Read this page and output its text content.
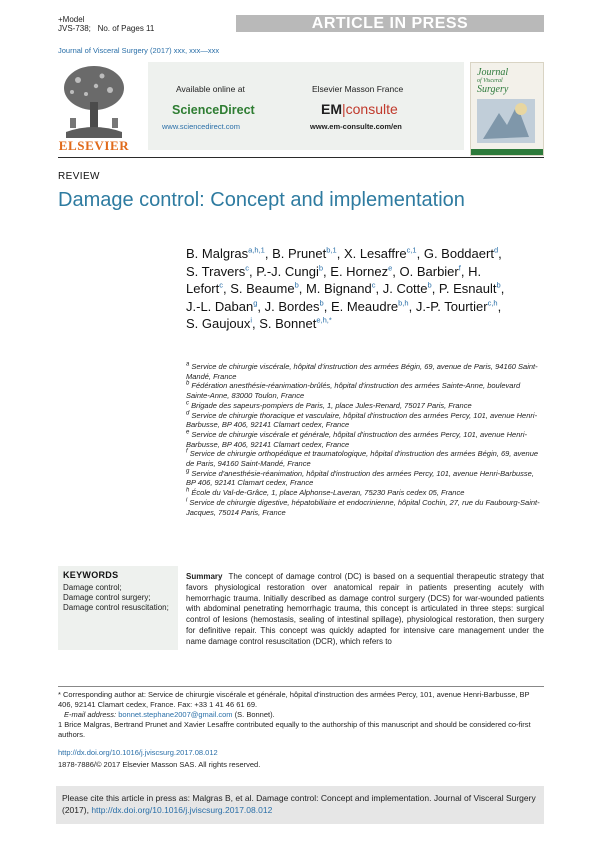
+Model
JVS-738; No. of Pages 11	ARTICLE IN PRESS
Journal of Visceral Surgery (2017) xxx, xxx—xxx
ELSEVIER
Available online at
ScienceDirect
www.sciencedirect.com
Elsevier Masson France
EM|consulte
www.em-consulte.com/en
Journal
of Visceral
Surgery
REVIEW
Damage control: Concept and implementation
B. Malgras$^{a,h,1}$, B. Prunet$^{b,1}$, X. Lesaffre$^{c,1}$, G. Boddaert$^d$, S. Travers$^c$, P.-J. Cungi$^b$, E. Hornez$^e$, O. Barbier$^f$, H. Lefort$^c$, S. Beaume$^b$, M. Bignand$^c$, J. Cotte$^b$, P. Esnault$^b$, J.-L. Daban$^g$, J. Bordes$^b$, E. Meaudre$^{b,h}$, J.-P. Tourtier$^{c,h}$, S. Gaujoux$^i$, S. Bonnet$^{e,h,*}$
$^a$ Service de chirurgie viscérale, hôpital d'instruction des armées Bégin, 69, avenue de Paris, 94160 Saint-Mandé, France
$^b$ Fédération anesthésie-réanimation-brûlés, hôpital d'instruction des armées Sainte-Anne, boulevard Sainte-Anne, 83000 Toulon, France
$^c$ Brigade des sapeurs-pompiers de Paris, 1, place Jules-Renard, 75017 Paris, France
$^d$ Service de chirurgie thoracique et vasculaire, hôpital d'instruction des armées Percy, 101, avenue Henri-Barbusse, BP 406, 92141 Clamart cedex, France
$^e$ Service de chirurgie viscérale et générale, hôpital d'instruction des armées Percy, 101, avenue Henri-Barbusse, BP 406, 92141 Clamart cedex, France
$^f$ Service de chirurgie orthopédique et traumatologique, hôpital d'instruction des armées Bégin, 69, avenue de Paris, 94160 Saint-Mandé, France
$^g$ Service d'anesthésie-réanimation, hôpital d'instruction des armées Percy, 101, avenue Henri-Barbusse, BP 406, 92141 Clamart cedex, France
$^h$ École du Val-de-Grâce, 1, place Alphonse-Laveran, 75230 Paris cedex 05, France
$^i$ Service de chirurgie digestive, hépatobiliaire et endocrinienne, hôpital Cochin, 27, rue du Faubourg-Saint-Jacques, 75014 Paris, France
KEYWORDS
Damage control;
Damage control surgery;
Damage control resuscitation;
Summary The concept of damage control (DC) is based on a sequential therapeutic strategy that favors physiological restoration over anatomical repair in patients presenting acutely with hemorrhagic trauma. Initially described as damage control surgery (DCS) for war-wounded patients with abdominal penetrating hemorrhagic trauma, this concept is articulated in three steps: surgical control of lesions (hemostasis, sealing of intestinal spillage), physiological restoration, then surgery for definitive repair. This concept was quickly adapted for intensive care management under the name damage control resuscitation (DCR), which refers to
* Corresponding author at: Service de chirurgie viscérale et générale, hôpital d'instruction des armées Percy, 101, avenue Henri-Barbusse, BP 406, 92141 Clamart cedex, France. Fax: +33 1 41 46 61 69.
E-mail address: bonnet.stephane2007@gmail.com (S. Bonnet).
1 Brice Malgras, Bertrand Prunet and Xavier Lesaffre contributed equally to the authorship of this manuscript and should be considered co-first authors.
http://dx.doi.org/10.1016/j.jviscsurg.2017.08.012
1878-7886/© 2017 Elsevier Masson SAS. All rights reserved.
Please cite this article in press as: Malgras B, et al. Damage control: Concept and implementation. Journal of Visceral Surgery (2017), http://dx.doi.org/10.1016/j.jviscsurg.2017.08.012
